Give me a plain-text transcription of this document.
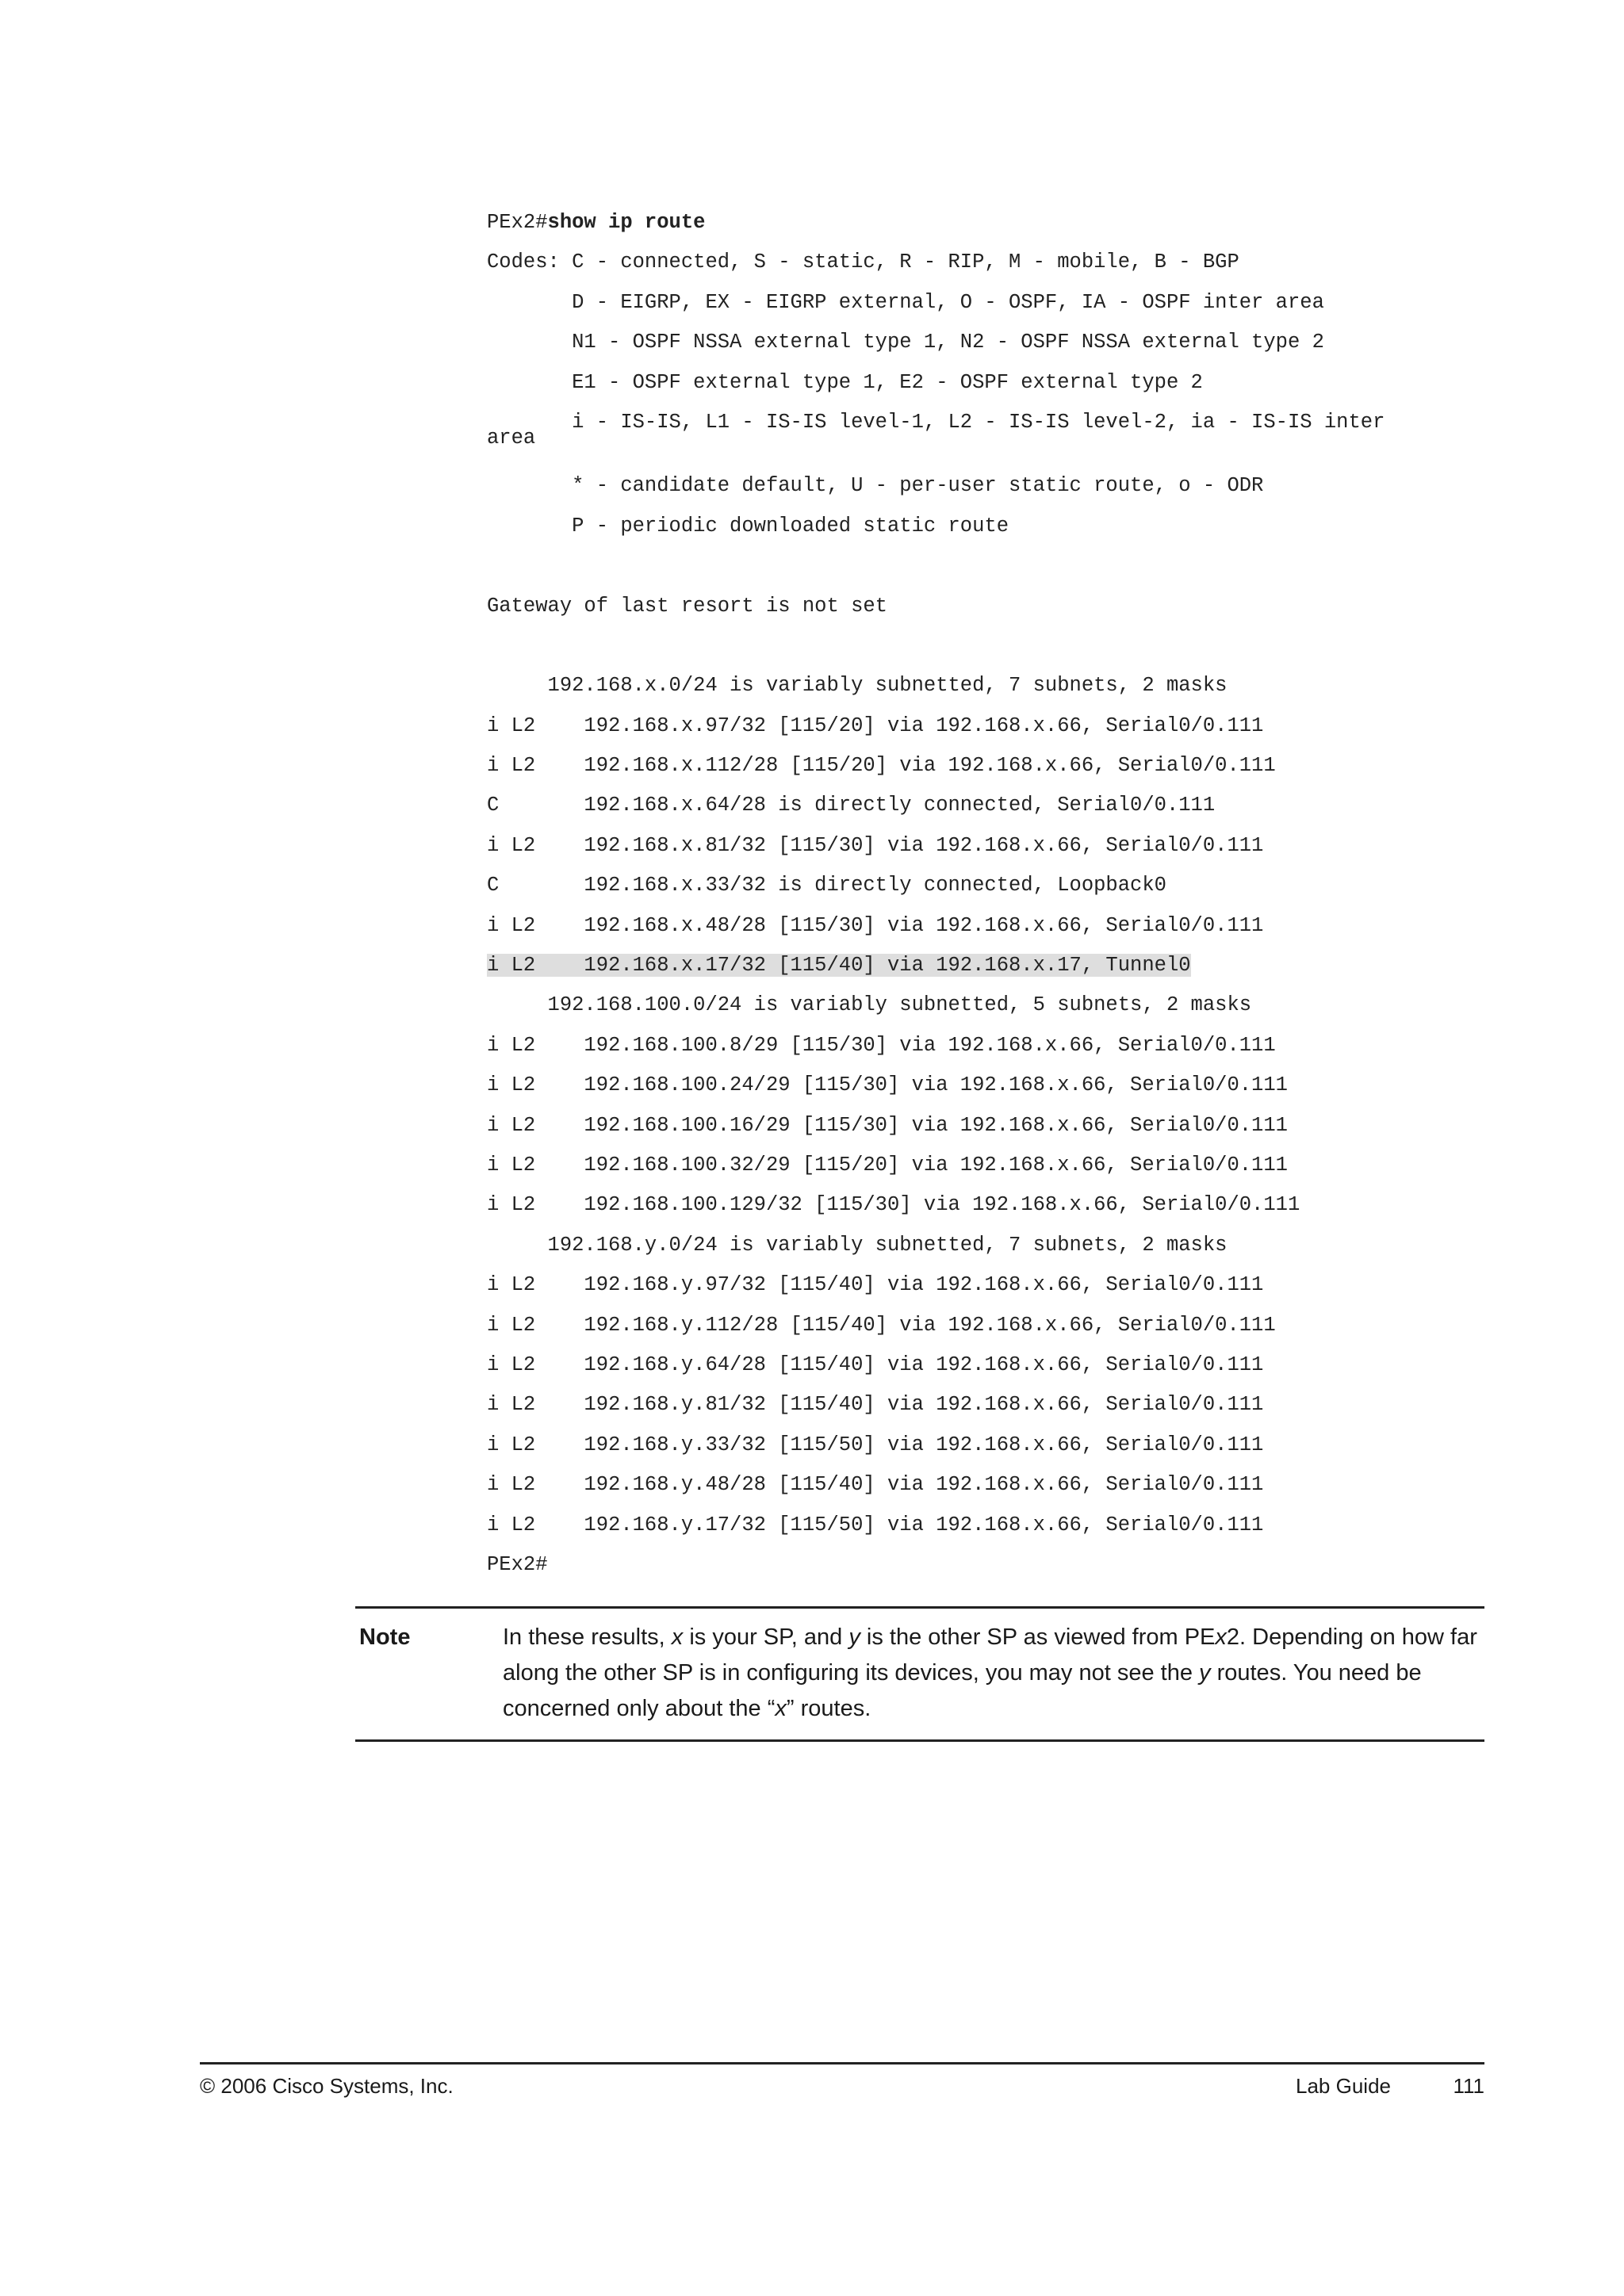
PEx2#show ip route
Codes: C - connected, S - static, R - RIP, M - mobile, B - BGP
D - EIGRP, EX - EIGRP external, O - OSPF, IA - OSPF inter area
N1 - OSPF NSSA external type 1, N2 - OSPF NSSA external type 2
E1 - OSPF external type 1, E2 - OSPF external type 2
i - IS-IS, L1 - IS-IS level-1, L2 - IS-IS level-2, ia - IS-IS inter
area
* - candidate default, U - per-user static route, o - ODR
P - periodic downloaded static route
Gateway of last resort is not set
192.168.x.0/24 is variably subnetted, 7 subnets, 2 masks
i L2    192.168.x.97/32 [115/20] via 192.168.x.66, Serial0/0.111
i L2    192.168.x.112/28 [115/20] via 192.168.x.66, Serial0/0.111
C       192.168.x.64/28 is directly connected, Serial0/0.111
i L2    192.168.x.81/32 [115/30] via 192.168.x.66, Serial0/0.111
C       192.168.x.33/32 is directly connected, Loopback0
i L2    192.168.x.48/28 [115/30] via 192.168.x.66, Serial0/0.111
i L2    192.168.x.17/32 [115/40] via 192.168.x.17, Tunnel0
192.168.100.0/24 is variably subnetted, 5 subnets, 2 masks
i L2    192.168.100.8/29 [115/30] via 192.168.x.66, Serial0/0.111
i L2    192.168.100.24/29 [115/30] via 192.168.x.66, Serial0/0.111
i L2    192.168.100.16/29 [115/30] via 192.168.x.66, Serial0/0.111
i L2    192.168.100.32/29 [115/20] via 192.168.x.66, Serial0/0.111
i L2    192.168.100.129/32 [115/30] via 192.168.x.66, Serial0/0.111
192.168.y.0/24 is variably subnetted, 7 subnets, 2 masks
i L2    192.168.y.97/32 [115/40] via 192.168.x.66, Serial0/0.111
i L2    192.168.y.112/28 [115/40] via 192.168.x.66, Serial0/0.111
i L2    192.168.y.64/28 [115/40] via 192.168.x.66, Serial0/0.111
i L2    192.168.y.81/32 [115/40] via 192.168.x.66, Serial0/0.111
i L2    192.168.y.33/32 [115/50] via 192.168.x.66, Serial0/0.111
i L2    192.168.y.48/28 [115/40] via 192.168.x.66, Serial0/0.111
i L2    192.168.y.17/32 [115/50] via 192.168.x.66, Serial0/0.111
PEx2#
Note	In these results, x is your SP, and y is the other SP as viewed from PEx2. Depending on how far along the other SP is in configuring its devices, you may not see the y routes. You need be concerned only about the “x” routes.
© 2006 Cisco Systems, Inc.	Lab Guide	111
